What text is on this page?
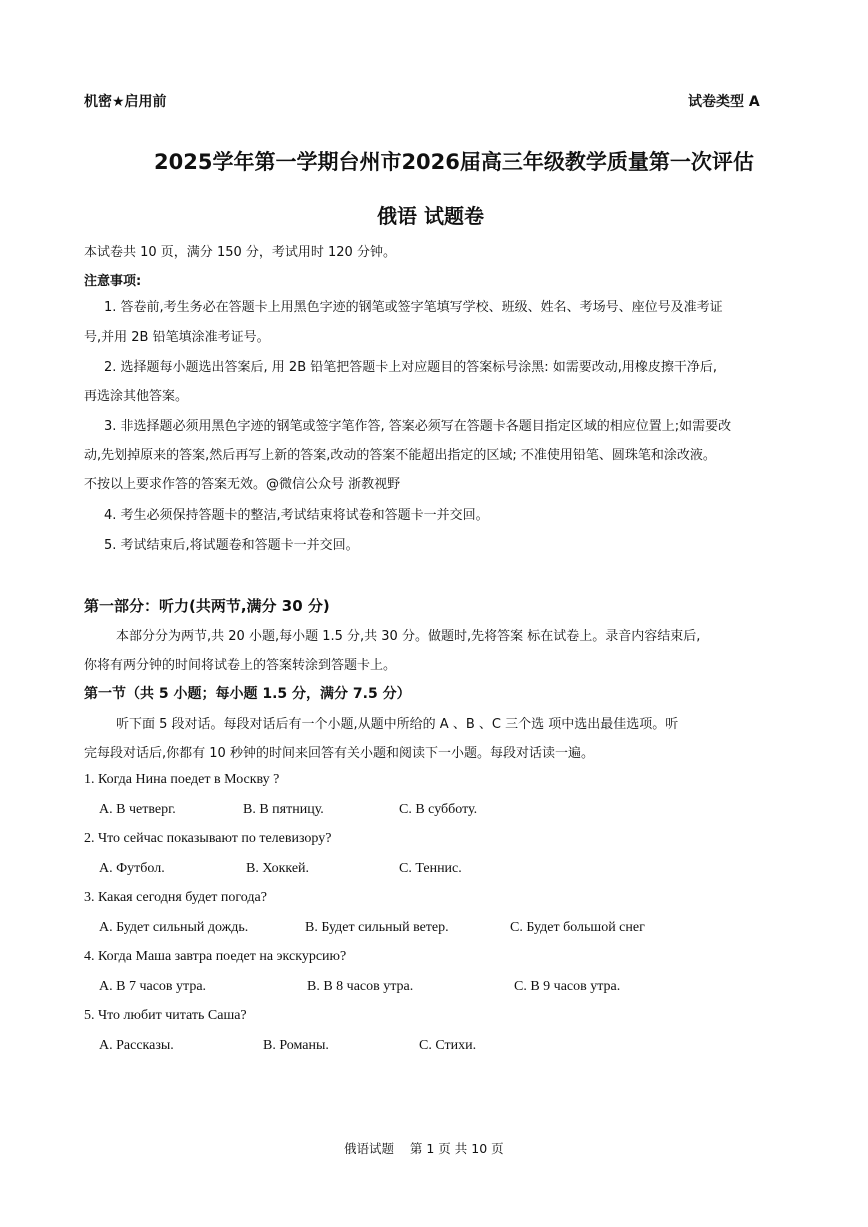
机密★启用前	试卷类型 A
2025学年第一学期台州市2026届高三年级教学质量第一次评估
俄语 试题卷
本试卷共 10 页，满分 150 分，考试用时 120 分钟。
注意事项:
1. 答卷前,考生务必在答题卡上用黑色字迹的钢笔或签字笔填写学校、班级、姓名、考场号、座位号及准考证
号,并用 2B 铅笔填涂准考证号。
2. 选择题每小题选出答案后, 用 2B 铅笔把答题卡上对应题目的答案标号涂黑: 如需要改动,用橡皮擦干净后,
再选涂其他答案。
3. 非选择题必须用黑色字迹的钢笔或签字笔作答, 答案必须写在答题卡各题目指定区域的相应位置上;如需要改
动,先划掉原来的答案,然后再写上新的答案,改动的答案不能超出指定的区域; 不准使用铅笔、圆珠笔和涂改液。
不按以上要求作答的答案无效。@微信公众号 浙教视野
4. 考生必须保持答题卡的整洁,考试结束将试卷和答题卡一并交回。
5. 考试结束后,将试题卷和答题卡一并交回。
第一部分：听力(共两节,满分 30 分)
本部分分为两节,共 20 小题,每小题 1.5 分,共 30 分。做题时,先将答案 标在试卷上。录音内容结束后,
你将有两分钟的时间将试卷上的答案转涂到答题卡上。
第一节（共 5 小题；每小题 1.5 分，满分 7.5 分）
听下面 5 段对话。每段对话后有一个小题,从题中所给的 A 、B 、C 三个选 项中选出最佳选项。听
完每段对话后,你都有 10 秒钟的时间来回答有关小题和阅读下一小题。每段对话读一遍。
1. Когда Нина поедет в Москву ?
A. В четверг.	B. В пятницу.	C. В субботу.
2. Что сейчас показывают по телевизору?
A. Футбол.	B. Хоккей.	C. Теннис.
3. Какая сегодня будет погода?
A. Будет сильный дождь.	B. Будет сильный ветер.	C. Будет большой снег
4. Когда Маша завтра поедет на экскурсию?
A. В 7 часов утра.	B. В 8 часов утра.	C. В 9 часов утра.
5. Что любит читать Саша?
A. Рассказы.	B. Романы.	C. Стихи.
俄语试题    第 1 页 共 10 页
